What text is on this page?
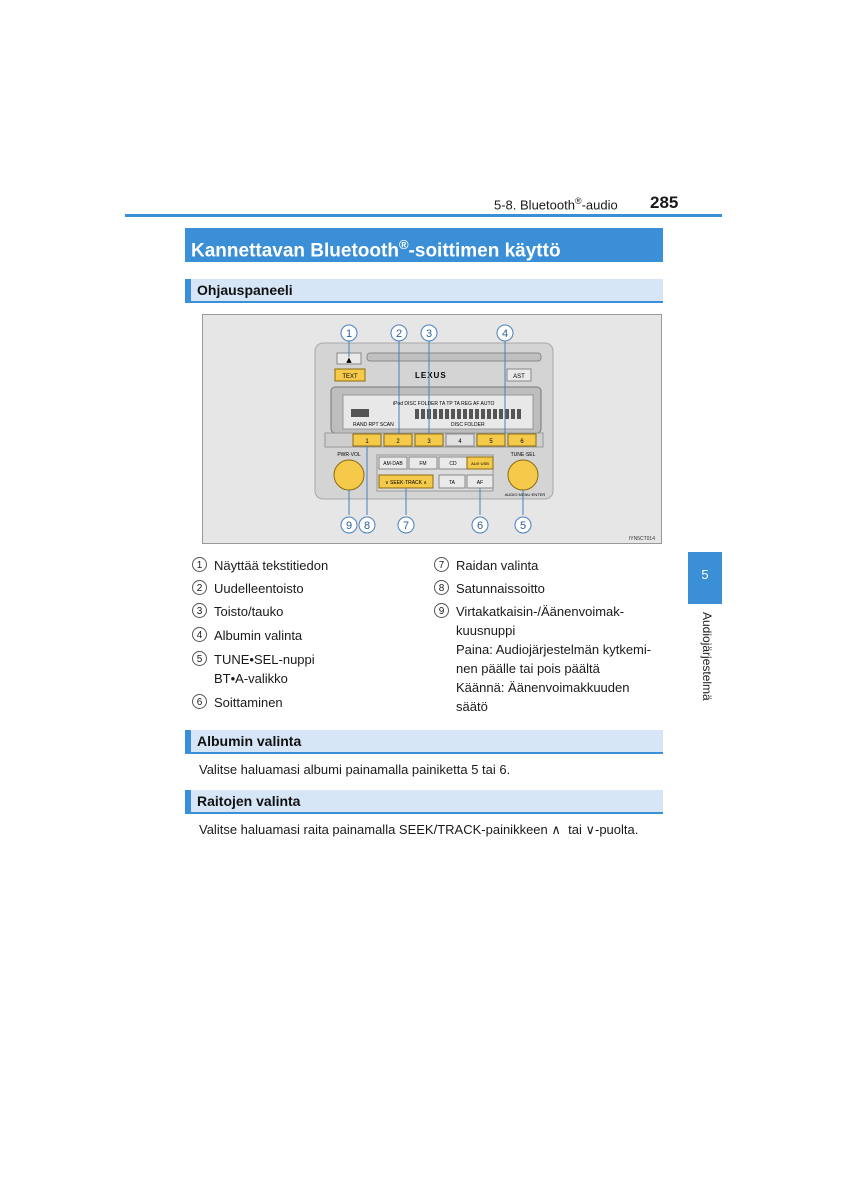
5-8. Bluetooth®-audio 285
Kannettavan Bluetooth®-soittimen käyttö
Ohjauspaneeli
▲
TEXT	LEXUS	AST
iPod DISC FOLDER TA TP TA REG AF AUTO
RAND RPT SCAN	DISC FOLDER
1	2	3	4	5	6
AM·DAB	FM	CD	AUX·USB
∨ SEEK·TRACK ∧	TA	AF
PWR·VOL	TUNE·SEL
AUDIO MENU·ENTER
1	2 3	4
9 8	7	6	5
IYN5CT014
1 Näyttää tekstitiedon
2 Uudelleentoisto
3 Toisto/tauko
4 Albumin valinta
5 TUNE•SEL-nuppi
BT•A-valikko
6 Soittaminen
7 Raidan valinta
8 Satunnaissoitto
9 Virtakatkaisin-/Äänenvoimak-
kuusnuppi
Paina: Audiojärjestelmän kytkemi-
nen päälle tai pois päältä
Käännä: Äänenvoimakkuuden säätö
Albumin valinta
Valitse haluamasi albumi painamalla painiketta 5 tai 6.
Raitojen valinta
Valitse haluamasi raita painamalla SEEK/TRACK-painikkeen ∧  tai ∨-puolta.
5
Audiojärjestelmä
